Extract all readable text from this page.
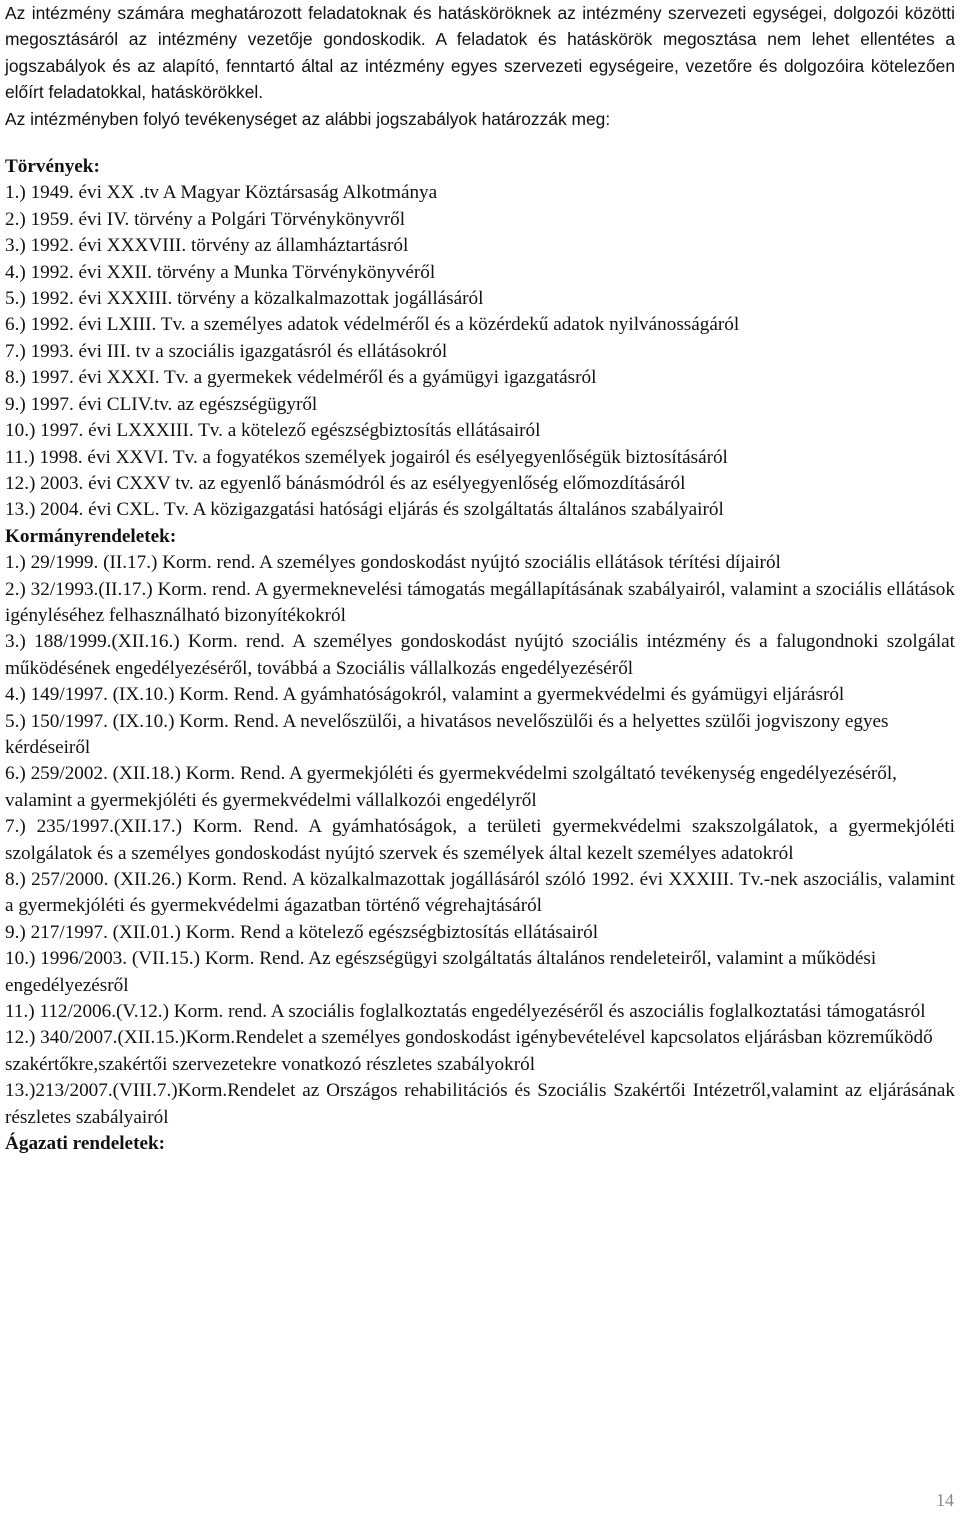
Az intézmény számára meghatározott feladatoknak és hatásköröknek az intézmény szervezeti egységei, dolgozói közötti megosztásáról az intézmény vezetője gondoskodik. A feladatok és hatáskörök megosztása nem lehet ellentétes a jogszabályok és az alapító, fenntartó által az intézmény egyes szervezeti egységeire, vezetőre és dolgozóira kötelezően előírt feladatokkal, hatáskörökkel.

Az intézményben folyó tevékenységet az alábbi jogszabályok határozzák meg:

Törvények:
1.) 1949. évi XX .tv A Magyar Köztársaság Alkotmánya
2.) 1959. évi IV. törvény a Polgári Törvénykönyvről
3.) 1992. évi XXXVIII. törvény az államháztartásról
4.) 1992. évi XXII. törvény a Munka Törvénykönyvéről
5.) 1992. évi XXXIII. törvény a közalkalmazottak jogállásáról
6.) 1992. évi LXIII. Tv. a személyes adatok védelméről és a közérdekű adatok nyilvánosságáról
7.) 1993. évi III. tv a szociális igazgatásról és ellátásokról
8.) 1997. évi XXXI. Tv. a gyermekek védelméről és a gyámügyi igazgatásról
9.) 1997. évi CLIV.tv. az egészségügyről
10.) 1997. évi LXXXIII. Tv. a kötelező egészségbiztosítás ellátásairól
11.) 1998. évi XXVI. Tv. a fogyatékos személyek jogairól és esélyegyenlőségük biztosításáról
12.) 2003. évi CXXV tv. az egyenlő bánásmódról és az esélyegyenlőség előmozdításáról
13.) 2004. évi CXL. Tv. A közigazgatási hatósági eljárás és szolgáltatás általános szabályairól
Kormányrendeletek:
1.) 29/1999. (II.17.) Korm. rend. A személyes gondoskodást nyújtó szociális ellátások térítési díjairól
2.) 32/1993.(II.17.) Korm. rend. A gyermeknevelési támogatás megállapításának szabályairól, valamint a szociális ellátások igényléséhez felhasználható bizonyítékokról
3.) 188/1999.(XII.16.) Korm. rend. A személyes gondoskodást nyújtó szociális intézmény és a falugondnoki szolgálat működésének engedélyezéséről, továbbá a Szociális vállalkozás engedélyezéséről
4.) 149/1997. (IX.10.) Korm. Rend. A gyámhatóságokról, valamint a gyermekvédelmi és gyámügyi eljárásról
5.) 150/1997. (IX.10.) Korm. Rend. A nevelőszülői, a hivatásos nevelőszülői és a helyettes szülői jogviszony egyes kérdéseiről
6.) 259/2002. (XII.18.) Korm. Rend. A gyermekjóléti és gyermekvédelmi szolgáltató tevékenység engedélyezéséről, valamint a gyermekjóléti és gyermekvédelmi vállalkozói engedélyről
7.) 235/1997.(XII.17.) Korm. Rend. A gyámhatóságok, a területi gyermekvédelmi szakszolgálatok, a gyermekjóléti szolgálatok és a személyes gondoskodást nyújtó szervek és személyek által kezelt személyes adatokról
8.) 257/2000. (XII.26.) Korm. Rend. A közalkalmazottak jogállásáról szóló 1992. évi XXXIII. Tv.-nek aszociális, valamint a gyermekjóléti és gyermekvédelmi ágazatban történő végrehajtásáról
9.) 217/1997. (XII.01.) Korm. Rend a kötelező egészségbiztosítás ellátásairól
10.) 1996/2003. (VII.15.) Korm. Rend. Az egészségügyi szolgáltatás általános rendeleteiről, valamint a működési engedélyezésről
11.) 112/2006.(V.12.) Korm. rend. A szociális foglalkoztatás engedélyezéséről és aszociális foglalkoztatási támogatásról
12.) 340/2007.(XII.15.)Korm.Rendelet a személyes gondoskodást igénybevételével kapcsolatos eljárásban közreműködő szakértőkre,szakértői szervezetekre vonatkozó részletes szabályokról
13.)213/2007.(VIII.7.)Korm.Rendelet az Országos rehabilitációs és Szociális Szakértői Intézetről,valamint az eljárásának részletes szabályairól
Ágazati rendeletek:
14
